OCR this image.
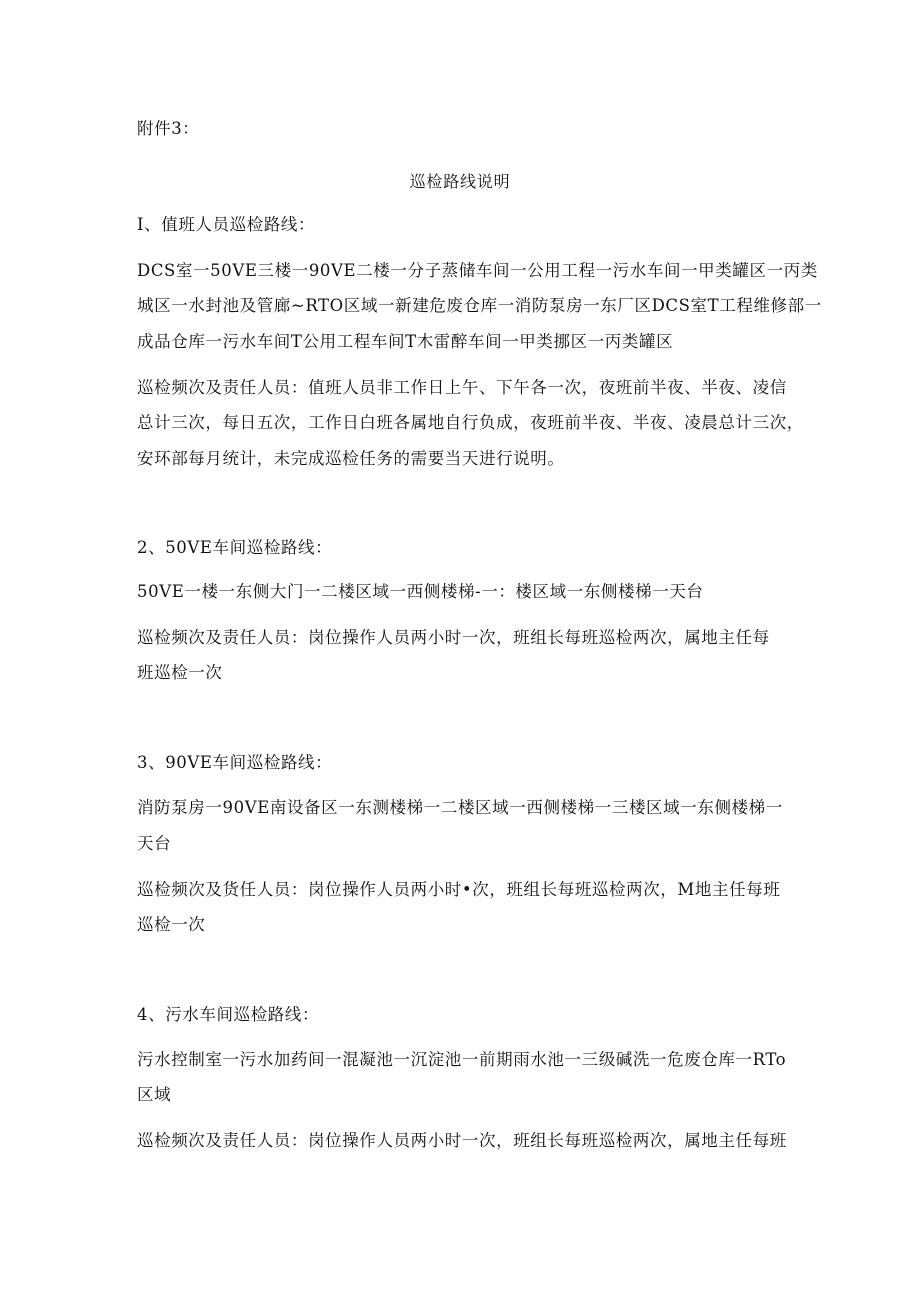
附件3：
巡检路线说明
I、值班人员巡检路线：
DCS室一50VE三楼一90VE二楼一分子蒸储车间一公用工程一污水车间一甲类罐区一丙类
城区一水封池及管廊~RTO区域一新建危废仓库一消防泵房一东厂区DCS室T工程维修部一
成品仓库一污水车间T公用工程车间T木雷醉车间一甲类挪区一丙类罐区
巡检频次及责任人员：值班人员非工作日上午、下午各一次，夜班前半夜、半夜、凌信
总计三次，每日五次，工作日白班各属地自行负成，夜班前半夜、半夜、凌晨总计三次，
安环部每月统计，未完成巡检任务的需要当天进行说明。
2、50VE车间巡检路线：
50VE一楼一东侧大门一二楼区域一西侧楼梯-一：楼区域一东侧楼梯一天台
巡检频次及责任人员：岗位操作人员两小时一次，班组长每班巡检两次，属地主任每
班巡检一次
3、90VE车间巡检路线：
消防泵房一90VE南设备区一东测楼梯一二楼区域一西侧楼梯一三楼区域一东侧楼梯一
天台
巡检频次及货任人员：岗位操作人员两小时•次，班组长每班巡检两次，M地主任每班
巡检一次
4、污水车间巡检路线：
污水控制室一污水加药间一混凝池一沉淀池一前期雨水池一三级碱洗一危废仓库一RTo
区域
巡检频次及责任人员：岗位操作人员两小时一次，班组长每班巡检两次，属地主任每班
